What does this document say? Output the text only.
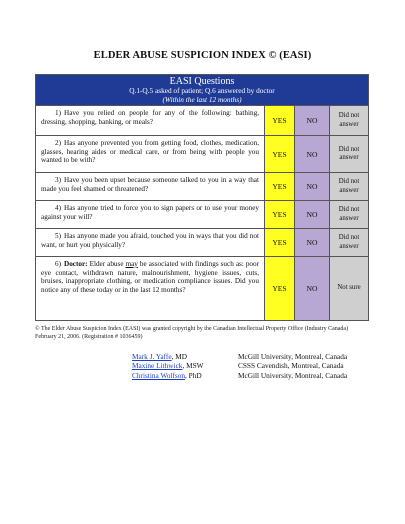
ELDER ABUSE SUSPICION INDEX © (EASI)
EASI Questions
Q.1-Q.5 asked of patient; Q.6 answered by doctor
(Within the last 12 months)			

1) Have you relied on people for any of the following: bathing, dressing, shopping, banking, or meals?	YES	NO	Did not answer
2) Has anyone prevented you from getting food, clothes, medication, glasses, hearing aides or medical care, or from being with people you wanted to be with?	YES	NO	Did not answer
3) Have you been upset because someone talked to you in a way that made you feel shamed or threatened?	YES	NO	Did not answer
4) Has anyone tried to force you to sign papers or to use your money against your will?	YES	NO	Did not answer
5) Has anyone made you afraid, touched you in ways that you did not want, or hurt you physically?	YES	NO	Did not answer
6) Doctor: Elder abuse may be associated with findings such as: poor eye contact, withdrawn nature, malnourishment, hygiene issues, cuts, bruises, inappropriate clothing, or medication compliance issues. Did you notice any of these today or in the last 12 months?	YES	NO	Not sure
© The Elder Abuse Suspicion Index (EASI) was granted copyright by the Canadian Intellectual Property Office (Industry Canada) February 21, 2006. (Registration # 1036459)
Mark J. Yaffe, MD	McGill University, Montreal, Canada
Maxine Lithwick, MSW	CSSS Cavendish, Montreal, Canada
Christina Wolfson, PhD	McGill University, Montreal, Canada
